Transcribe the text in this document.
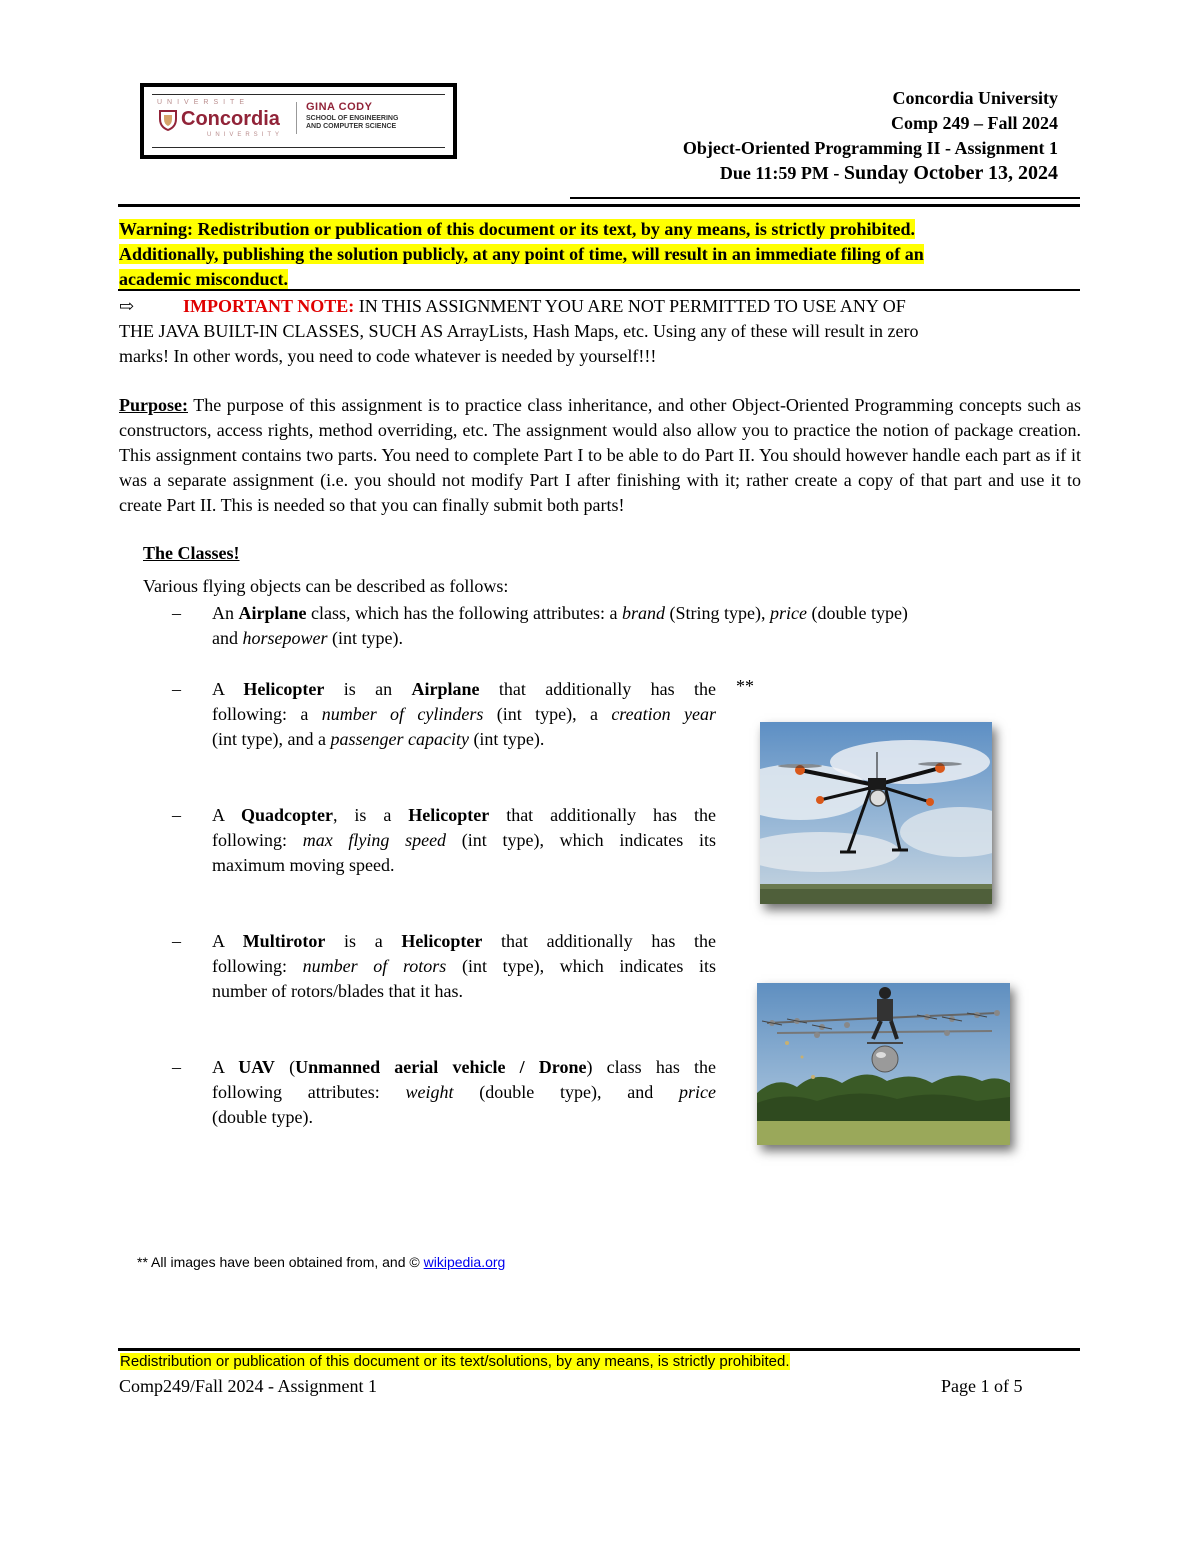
UNIVERSITE
Concordia
UNIVERSITY
GINA CODY
SCHOOL OF ENGINEERING
AND COMPUTER SCIENCE
Concordia University
Comp 249 – Fall 2024
Object-Oriented Programming II - Assignment 1
Due 11:59 PM - Sunday October 13, 2024
Warning: Redistribution or publication of this document or its text, by any means, is strictly prohibited.
Additionally, publishing the solution publicly, at any point of time, will result in an immediate filing of an
academic misconduct.
⇨	IMPORTANT NOTE: IN THIS ASSIGNMENT YOU ARE NOT PERMITTED TO USE ANY OF
THE JAVA BUILT-IN CLASSES, SUCH AS ArrayLists, Hash Maps, etc. Using any of these will result in zero
marks! In other words, you need to code whatever is needed by yourself!!!
Purpose: The purpose of this assignment is to practice class inheritance, and other Object-Oriented Programming concepts such as constructors, access rights, method overriding, etc. The assignment would also allow you to practice the notion of package creation. This assignment contains two parts. You need to complete Part I to be able to do Part II. You should however handle each part as if it was a separate assignment (i.e. you should not modify Part I after finishing with it; rather create a copy of that part and use it to create Part II. This is needed so that you can finally submit both parts!
The Classes!
Various flying objects can be described as follows:
– An Airplane class, which has the following attributes: a brand (String type), price (double type)
and horsepower (int type).
– A Helicopter is an Airplane that additionally has the
following: a number of cylinders (int type), a creation year
(int type), and a passenger capacity (int type).
– A Quadcopter, is a Helicopter that additionally has the
following: max flying speed (int type), which indicates its
maximum moving speed.
– A Multirotor is a Helicopter that additionally has the
following: number of rotors (int type), which indicates its
number of rotors/blades that it has.
– A UAV (Unmanned aerial vehicle / Drone) class has the
following attributes: weight (double type), and price
(double type).
**
** All images have been obtained from, and © wikipedia.org
Redistribution or publication of this document or its text/solutions, by any means, is strictly prohibited.
Comp249/Fall 2024 - Assignment 1	Page 1 of 5
